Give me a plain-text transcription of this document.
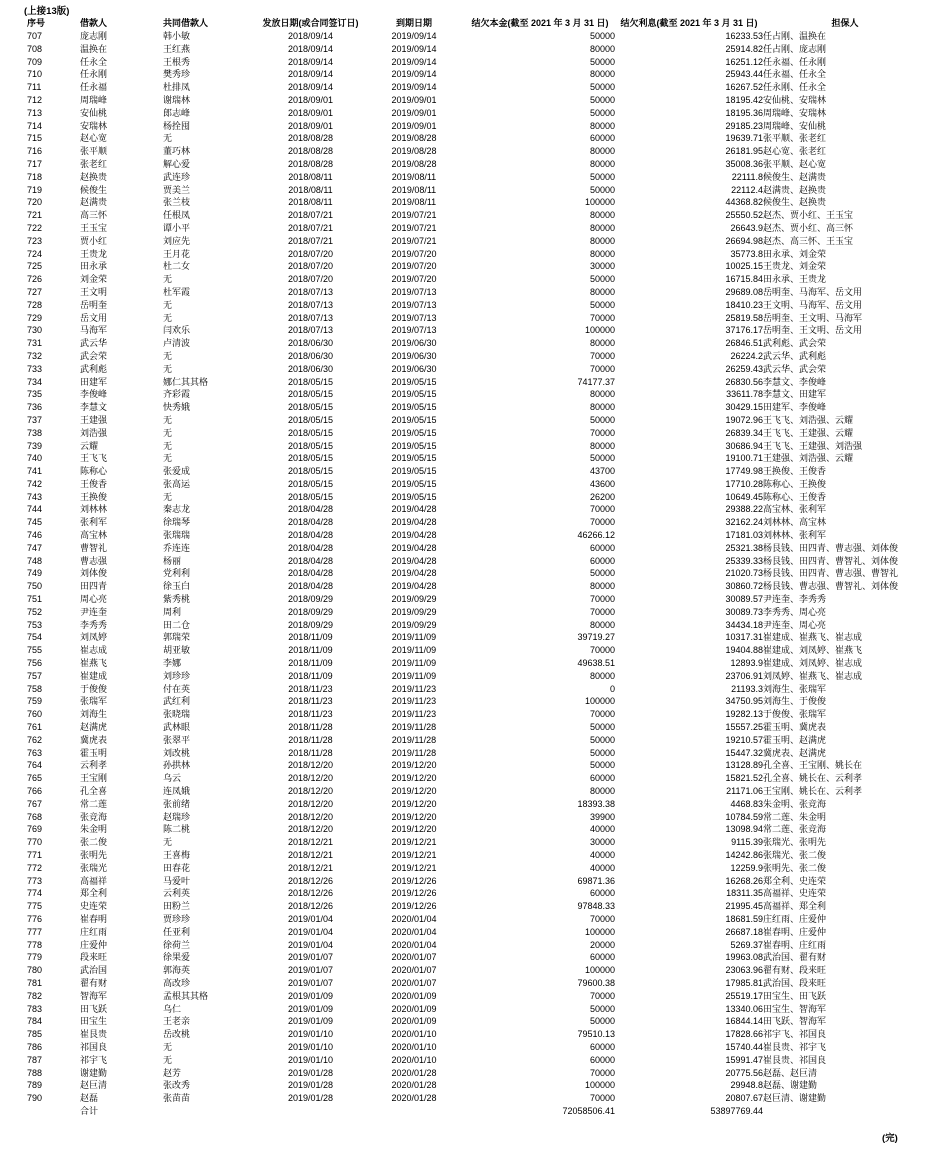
(上接13版)
序号	借款人	共同借款人	发放日期(或合同签订日)	到期日期	结欠本金(截至 2021 年 3 月 31 日)	结欠利息(截至 2021 年 3 月 31 日)	担保人
707	庞志刚	韩小敏	2018/09/14	2019/09/14	50000	16233.53	任占刚、温换在
708	温换在	王红燕	2018/09/14	2019/09/14	80000	25914.82	任占刚、庞志刚
709	任永全	王根秀	2018/09/14	2019/09/14	50000	16251.12	任永福、任永刚
710	任永刚	樊秀珍	2018/09/14	2019/09/14	80000	25943.44	任永福、任永全
711	任永福	杜排凤	2018/09/14	2019/09/14	50000	16267.52	任永刚、任永全
712	周瑞峰	谢瑞林	2018/09/01	2019/09/01	50000	18195.42	安仙桃、安瑞林
713	安仙桃	郎志峰	2018/09/01	2019/09/01	50000	18195.36	周瑞峰、安瑞林
714	安瑞林	杨拴囤	2018/09/01	2019/09/01	80000	29185.23	周瑞峰、安仙桃
715	赵心宽	无	2018/08/28	2019/08/28	60000	19639.71	张平顺、张老红
716	张平顺	董巧林	2018/08/28	2019/08/28	80000	26181.95	赵心宽、张老红
717	张老红	解心爱	2018/08/28	2019/08/28	80000	35008.36	张平顺、赵心宽
718	赵换贵	武连珍	2018/08/11	2019/08/11	50000	22111.8	候俊生、赵满贵
719	候俊生	贾美兰	2018/08/11	2019/08/11	50000	22112.4	赵满贵、赵换贵
720	赵满贵	张兰枝	2018/08/11	2019/08/11	100000	44368.82	候俊生、赵换贵
721	高三怀	任根凤	2018/07/21	2019/07/21	80000	25550.52	赵杰、贾小红、王玉宝
722	王玉宝	谭小平	2018/07/21	2019/07/21	80000	26643.9	赵杰、贾小红、高三怀
723	贾小红	刘应先	2018/07/21	2019/07/21	80000	26694.98	赵杰、高三怀、王玉宝
724	王贵龙	王月花	2018/07/20	2019/07/20	80000	35773.8	田永承、刘金荣
725	田永承	杜二女	2018/07/20	2019/07/20	30000	10025.15	王贵龙、刘金荣
726	刘金荣	无	2018/07/20	2019/07/20	50000	16715.84	田永承、王贵龙
727	王文明	杜军霞	2018/07/13	2019/07/13	80000	29689.08	岳明奎、马海军、岳文用
728	岳明奎	无	2018/07/13	2019/07/13	50000	18410.23	王文明、马海军、岳文用
729	岳文用	无	2018/07/13	2019/07/13	70000	25819.58	岳明奎、王文明、马海军
730	马海军	闫欢乐	2018/07/13	2019/07/13	100000	37176.17	岳明奎、王文明、岳文用
731	武云华	卢清波	2018/06/30	2019/06/30	80000	26846.51	武利彪、武会荣
732	武会荣	无	2018/06/30	2019/06/30	70000	26224.2	武云华、武利彪
733	武利彪	无	2018/06/30	2019/06/30	70000	26259.43	武云华、武会荣
734	田建军	娜仁其其格	2018/05/15	2019/05/15	74177.37	26830.56	李慧文、李俊峰
735	李俊峰	齐彩霞	2018/05/15	2019/05/15	80000	33611.78	李慧文、田建军
736	李慧文	快秀娥	2018/05/15	2019/05/15	80000	30429.15	田建军、李俊峰
737	王建强	无	2018/05/15	2019/05/15	50000	19072.96	王飞飞、刘浩强、云耀
738	刘浩强	无	2018/05/15	2019/05/15	70000	26839.34	王飞飞、王建强、云耀
739	云耀	无	2018/05/15	2019/05/15	80000	30686.94	王飞飞、王建强、刘浩强
740	王飞飞	无	2018/05/15	2019/05/15	50000	19100.71	王建强、刘浩强、云耀
741	陈称心	张爱成	2018/05/15	2019/05/15	43700	17749.98	王换俊、王俊香
742	王俊香	张高运	2018/05/15	2019/05/15	43600	17710.28	陈称心、王换俊
743	王换俊	无	2018/05/15	2019/05/15	26200	10649.45	陈称心、王俊香
744	刘林林	秦志龙	2018/04/28	2019/04/28	70000	29388.22	高宝林、张利军
745	张利军	徐瑞琴	2018/04/28	2019/04/28	70000	32162.24	刘林林、高宝林
746	高宝林	张瑞瑞	2018/04/28	2019/04/28	46266.12	17181.03	刘林林、张利军
747	曹智礼	乔连连	2018/04/28	2019/04/28	60000	25321.38	杨艮钱、田四青、曹志强、刘体俊
748	曹志强	杨丽	2018/04/28	2019/04/28	60000	25339.33	杨艮钱、田四青、曹智礼、刘体俊
749	刘体俊	党利利	2018/04/28	2019/04/28	50000	21020.73	杨艮钱、田四青、曹志强、曹智礼
750	田四青	徐玉白	2018/04/28	2019/04/28	80000	30860.72	杨艮钱、曹志强、曹智礼、刘体俊
751	周心亮	紫秀桃	2018/09/29	2019/09/29	70000	30089.57	尹连奎、李秀秀
752	尹连奎	周利	2018/09/29	2019/09/29	70000	30089.73	李秀秀、周心亮
753	李秀秀	田二仓	2018/09/29	2019/09/29	80000	34434.18	尹连奎、周心亮
754	刘凤婷	郭瑞荣	2018/11/09	2019/11/09	39719.27	10317.31	崔建成、崔燕飞、崔志成
755	崔志成	胡亚敏	2018/11/09	2019/11/09	70000	19404.88	崔建成、刘凤婷、崔燕飞
756	崔燕飞	李娜	2018/11/09	2019/11/09	49638.51	12893.9	崔建成、刘凤婷、崔志成
757	崔建成	刘珍珍	2018/11/09	2019/11/09	80000	23706.91	刘凤婷、崔燕飞、崔志成
758	于俊俊	付在英	2018/11/23	2019/11/23	0	21193.3	刘海生、张瑞军
759	张瑞军	武红利	2018/11/23	2019/11/23	100000	34750.95	刘海生、于俊俊
760	刘海生	张晓瑞	2018/11/23	2019/11/23	70000	19282.13	于俊俊、张瑞军
761	赵满虎	武林眼	2018/11/28	2019/11/28	50000	15557.25	霍玉明、冀虎表
762	冀虎表	张翠平	2018/11/28	2019/11/28	50000	19210.57	霍玉明、赵满虎
763	霍玉明	刘改桃	2018/11/28	2019/11/28	50000	15447.32	冀虎表、赵满虎
764	云利孝	孙拱林	2018/12/20	2019/12/20	50000	13128.89	孔全喜、王宝刚、姚长在
765	王宝刚	乌云	2018/12/20	2019/12/20	60000	15821.52	孔全喜、姚长在、云利孝
766	孔全喜	连凤娥	2018/12/20	2019/12/20	80000	21171.06	王宝刚、姚长在、云利孝
767	常二莲	张前绪	2018/12/20	2019/12/20	18393.38	4468.83	朱金明、张竞海
768	张竞海	赵瑞珍	2018/12/20	2019/12/20	39900	10784.59	常二莲、朱金明
769	朱金明	陈二桃	2018/12/20	2019/12/20	40000	13098.94	常二莲、张竞海
770	张二俊	无	2018/12/21	2019/12/21	30000	9115.39	张瑞光、张明先
771	张明先	王喜梅	2018/12/21	2019/12/21	40000	14242.86	张瑞光、张二俊
772	张瑞光	田春花	2018/12/21	2019/12/21	40000	12259.9	张明先、张二俊
773	高福祥	马爱叶	2018/12/26	2019/12/26	69871.36	16268.26	郑全利、史连荣
774	郑全利	云利英	2018/12/26	2019/12/26	60000	18311.35	高福祥、史连荣
775	史连荣	田粉兰	2018/12/26	2019/12/26	97848.33	21995.45	高福祥、郑全利
776	崔春明	贾珍珍	2019/01/04	2020/01/04	70000	18681.59	庄红雨、庄爱仲
777	庄红雨	任亚利	2019/01/04	2020/01/04	100000	26687.18	崔春明、庄爱仲
778	庄爱仲	徐荷兰	2019/01/04	2020/01/04	20000	5269.37	崔春明、庄红雨
779	段来旺	徐果爱	2019/01/07	2020/01/07	60000	19963.08	武治国、翟有财
780	武治国	郭海英	2019/01/07	2020/01/07	100000	23063.96	翟有财、段来旺
781	翟有财	高改珍	2019/01/07	2020/01/07	79600.38	17985.81	武治国、段来旺
782	智海军	孟根其其格	2019/01/09	2020/01/09	70000	25519.17	田宝生、田飞跃
783	田飞跃	乌仁	2019/01/09	2020/01/09	50000	13340.06	田宝生、智海军
784	田宝生	王老亲	2019/01/09	2020/01/09	50000	16844.14	田飞跃、智海军
785	崔艮贵	岳改桃	2019/01/10	2020/01/10	79510.13	17828.66	祁宇飞、祁国良
786	祁国良	无	2019/01/10	2020/01/10	60000	15740.44	崔艮贵、祁宇飞
787	祁宇飞	无	2019/01/10	2020/01/10	60000	15991.47	崔艮贵、祁国良
788	谢建勤	赵芳	2019/01/28	2020/01/28	70000	20775.56	赵磊、赵巨清
789	赵巨清	张改秀	2019/01/28	2020/01/28	100000	29948.8	赵磊、谢建勤
790	赵磊	张苗苗	2019/01/28	2020/01/28	70000	20807.67	赵巨清、谢建勤
	合计				72058506.41	53897769.44	
(完)
